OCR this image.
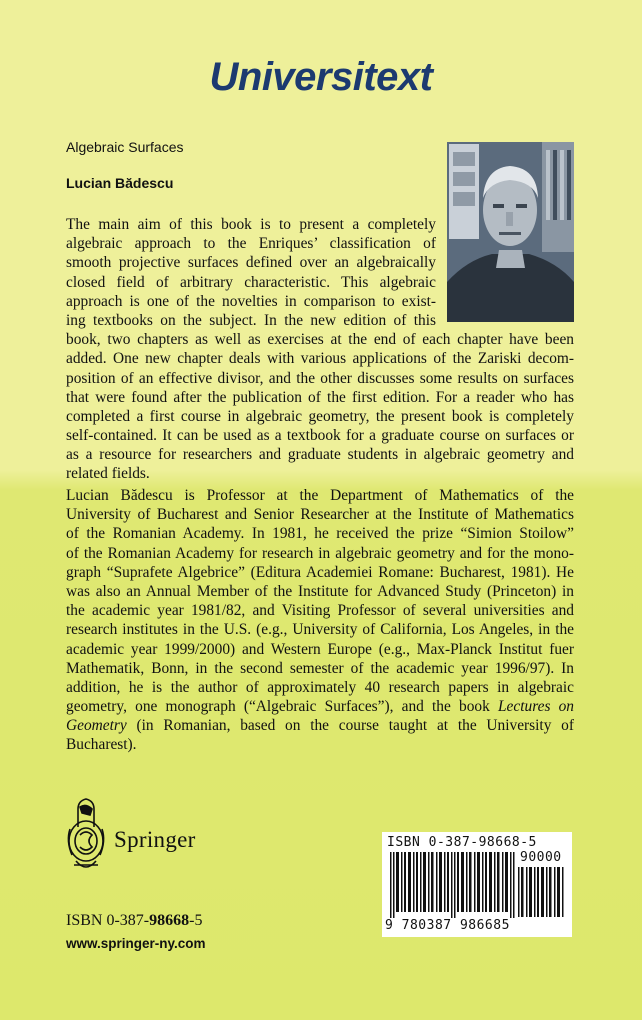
Universitext
Algebraic Surfaces
Lucian Bădescu
The main aim of this book is to present a completely
algebraic approach to the Enriques’ classification of
smooth projective surfaces defined over an algebraically
closed field of arbitrary characteristic. This algebraic
approach is one of the novelties in comparison to exist-
ing textbooks on the subject. In the new edition of this
book, two chapters as well as exercises at the end of each chapter have been
added. One new chapter deals with various applications of the Zariski decom-
position of an effective divisor, and the other discusses some results on surfaces
that were found after the publication of the first edition. For a reader who has
completed a first course in algebraic geometry, the present book is completely
self-contained. It can be used as a textbook for a graduate course on surfaces or
as a resource for researchers and graduate students in algebraic geometry and
related fields.
Lucian Bădescu is Professor at the Department of Mathematics of the
University of Bucharest and Senior Researcher at the Institute of Mathematics
of the Romanian Academy. In 1981, he received the prize “Simion Stoilow”
of the Romanian Academy for research in algebraic geometry and for the mono-
graph “Suprafete Algebrice” (Editura Academiei Romane: Bucharest, 1981). He
was also an Annual Member of the Institute for Advanced Study (Princeton) in
the academic year 1981/82, and Visiting Professor of several universities and
research institutes in the U.S. (e.g., University of California, Los Angeles, in the
academic year 1999/2000) and Western Europe (e.g., Max-Planck Institut fuer
Mathematik, Bonn, in the second semester of the academic year 1996/97). In
addition, he is the author of approximately 40 research papers in algebraic
geometry, one monograph (“Algebraic Surfaces”), and the book Lectures on
Geometry (in Romanian, based on the course taught at the University of
Bucharest).
Springer
ISBN 0-387-98668-5
www.springer-ny.com
ISBN 0-387-98668-5
90000
9 780387 986685
